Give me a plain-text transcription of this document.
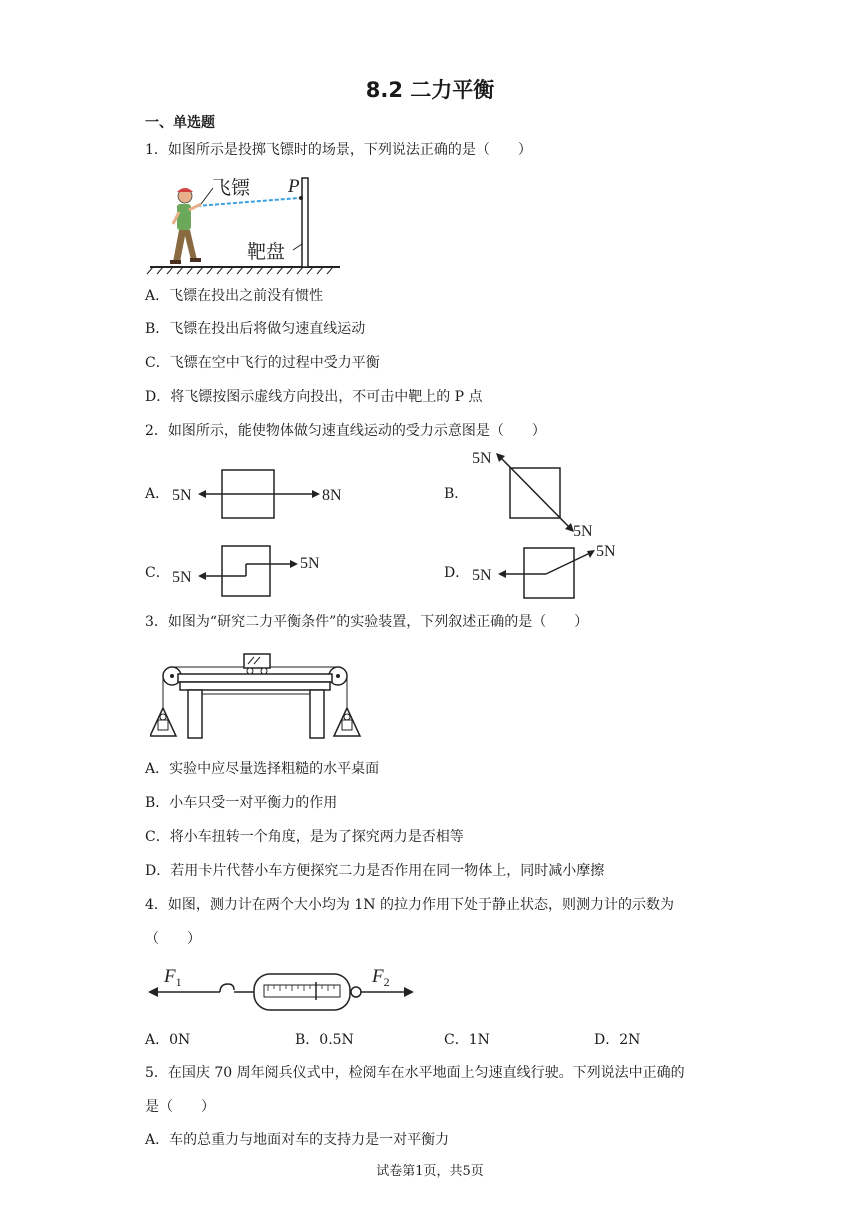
8.2 二力平衡
一、单选题
1．如图所示是投掷飞镖时的场景，下列说法正确的是（　　）
飞镖 P
靶盘
A．飞镖在投出之前没有惯性
B．飞镖在投出后将做匀速直线运动
C．飞镖在空中飞行的过程中受力平衡
D．将飞镖按图示虚线方向投出，不可击中靶上的 P 点
2．如图所示，能使物体做匀速直线运动的受力示意图是（　　）
A． 5N	8N	B．
5N
5N
C． 5N
5N
D． 5N
5N
3．如图为“研究二力平衡条件”的实验装置，下列叙述正确的是（　　）
A．实验中应尽量选择粗糙的水平桌面
B．小车只受一对平衡力的作用
C．将小车扭转一个角度，是为了探究两力是否相等
D．若用卡片代替小车方便探究二力是否作用在同一物体上，同时减小摩擦
4．如图，测力计在两个大小均为 1N 的拉力作用下处于静止状态，则测力计的示数为
（　　）
$F_1$	$F_2$
A．0N	B．0.5N	C．1N	D．2N
5．在国庆 70 周年阅兵仪式中，检阅车在水平地面上匀速直线行驶。下列说法中正确的
是（　　）
A．车的总重力与地面对车的支持力是一对平衡力
试卷第1页，共5页
